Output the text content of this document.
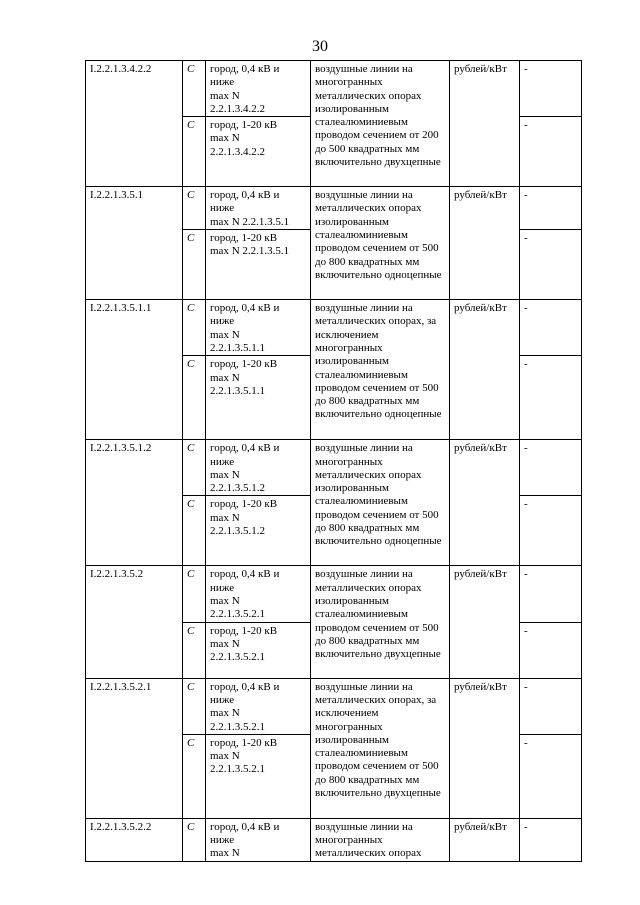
30
I.2.2.1.3.4.2.2	C	город, 0,4 кВ и
ниже
max N
2.2.1.3.4.2.2	воздушные линии на многогранных металлических опорах изолированным сталеалюминиевым проводом сечением от 200 до 500 квадратных мм включительно двухцепные	рублей/кВт	-
	C	город, 1-20 кВ
max N
2.2.1.3.4.2.2			-
I.2.2.1.3.5.1	C	город, 0,4 кВ и
ниже
max N 2.2.1.3.5.1	воздушные линии на металлических опорах изолированным сталеалюминиевым проводом сечением от 500 до 800 квадратных мм включительно одноцепные	рублей/кВт	-
	C	город, 1-20 кВ
max N 2.2.1.3.5.1			-
I.2.2.1.3.5.1.1	C	город, 0,4 кВ и
ниже
max N
2.2.1.3.5.1.1	воздушные линии на металлических опорах, за исключением многогранных изолированным сталеалюминиевым проводом сечением от 500 до 800 квадратных мм включительно одноцепные	рублей/кВт	-
	C	город, 1-20 кВ
max N
2.2.1.3.5.1.1			-
I.2.2.1.3.5.1.2	C	город, 0,4 кВ и
ниже
max N
2.2.1.3.5.1.2	воздушные линии на многогранных металлических опорах изолированным сталеалюминиевым проводом сечением от 500 до 800 квадратных мм включительно одноцепные	рублей/кВт	-
	C	город, 1-20 кВ
max N
2.2.1.3.5.1.2			-
I.2.2.1.3.5.2	C	город, 0,4 кВ и
ниже
max N
2.2.1.3.5.2.1	воздушные линии на металлических опорах изолированным сталеалюминиевым проводом сечением от 500 до 800 квадратных мм включительно двухцепные	рублей/кВт	-
	C	город, 1-20 кВ
max N
2.2.1.3.5.2.1			-
I.2.2.1.3.5.2.1	C	город, 0,4 кВ и
ниже
max N
2.2.1.3.5.2.1	воздушные линии на металлических опорах, за исключением многогранных изолированным сталеалюминиевым проводом сечением от 500 до 800 квадратных мм включительно двухцепные	рублей/кВт	-
	C	город, 1-20 кВ
max N
2.2.1.3.5.2.1			-
I.2.2.1.3.5.2.2	C	город, 0,4 кВ и
ниже
max N	воздушные линии на многогранных металлических опорах	рублей/кВт	-
